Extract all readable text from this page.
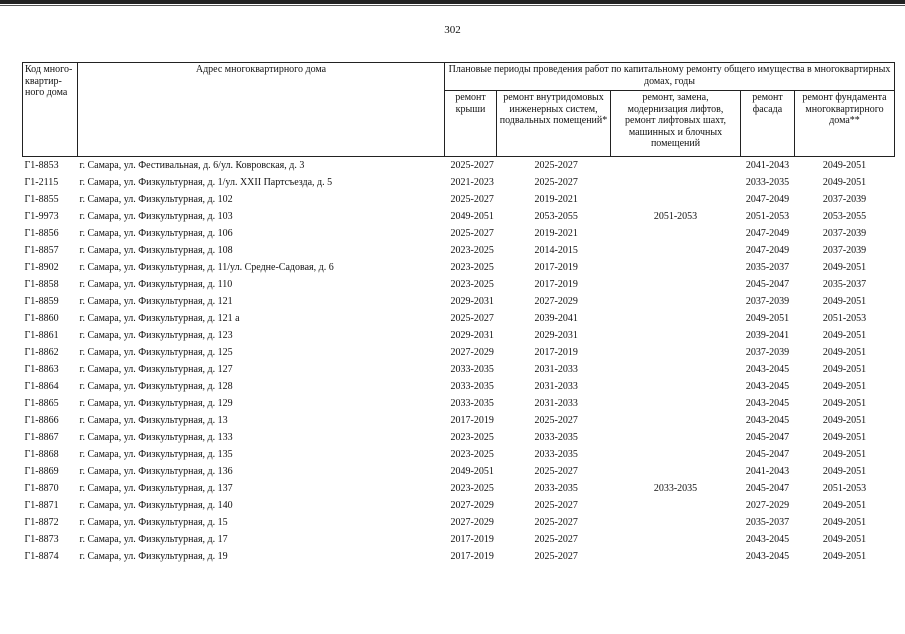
302
Код много-квартир-ного дома	Адрес многоквартирного дома	Плановые периоды проведения работ по капитальному ремонту общего имущества в многоквартирных домах, годы				
		ремонт крыши	ремонт внутридомовых инженерных систем, подвальных помещений*	ремонт, замена, модернизация лифтов, ремонт лифтовых шахт, машинных и блочных помещений	ремонт фасада	ремонт фундамента многоквартирного дома**
Г1-8853	г. Самара, ул. Фестивальная, д. 6/ул. Ковровская, д. 3	2025-2027	2025-2027		2041-2043	2049-2051
Г1-2115	г. Самара, ул. Физкультурная, д. 1/ул. XXII Партсъезда, д. 5	2021-2023	2025-2027		2033-2035	2049-2051
Г1-8855	г. Самара, ул. Физкультурная, д. 102	2025-2027	2019-2021		2047-2049	2037-2039
Г1-9973	г. Самара, ул. Физкультурная, д. 103	2049-2051	2053-2055	2051-2053	2051-2053	2053-2055
Г1-8856	г. Самара, ул. Физкультурная, д. 106	2025-2027	2019-2021		2047-2049	2037-2039
Г1-8857	г. Самара, ул. Физкультурная, д. 108	2023-2025	2014-2015		2047-2049	2037-2039
Г1-8902	г. Самара, ул. Физкультурная, д. 11/ул. Средне-Садовая, д. 6	2023-2025	2017-2019		2035-2037	2049-2051
Г1-8858	г. Самара, ул. Физкультурная, д. 110	2023-2025	2017-2019		2045-2047	2035-2037
Г1-8859	г. Самара, ул. Физкультурная, д. 121	2029-2031	2027-2029		2037-2039	2049-2051
Г1-8860	г. Самара, ул. Физкультурная, д. 121 а	2025-2027	2039-2041		2049-2051	2051-2053
Г1-8861	г. Самара, ул. Физкультурная, д. 123	2029-2031	2029-2031		2039-2041	2049-2051
Г1-8862	г. Самара, ул. Физкультурная, д. 125	2027-2029	2017-2019		2037-2039	2049-2051
Г1-8863	г. Самара, ул. Физкультурная, д. 127	2033-2035	2031-2033		2043-2045	2049-2051
Г1-8864	г. Самара, ул. Физкультурная, д. 128	2033-2035	2031-2033		2043-2045	2049-2051
Г1-8865	г. Самара, ул. Физкультурная, д. 129	2033-2035	2031-2033		2043-2045	2049-2051
Г1-8866	г. Самара, ул. Физкультурная, д. 13	2017-2019	2025-2027		2043-2045	2049-2051
Г1-8867	г. Самара, ул. Физкультурная, д. 133	2023-2025	2033-2035		2045-2047	2049-2051
Г1-8868	г. Самара, ул. Физкультурная, д. 135	2023-2025	2033-2035		2045-2047	2049-2051
Г1-8869	г. Самара, ул. Физкультурная, д. 136	2049-2051	2025-2027		2041-2043	2049-2051
Г1-8870	г. Самара, ул. Физкультурная, д. 137	2023-2025	2033-2035	2033-2035	2045-2047	2051-2053
Г1-8871	г. Самара, ул. Физкультурная, д. 140	2027-2029	2025-2027		2027-2029	2049-2051
Г1-8872	г. Самара, ул. Физкультурная, д. 15	2027-2029	2025-2027		2035-2037	2049-2051
Г1-8873	г. Самара, ул. Физкультурная, д. 17	2017-2019	2025-2027		2043-2045	2049-2051
Г1-8874	г. Самара, ул. Физкультурная, д. 19	2017-2019	2025-2027		2043-2045	2049-2051
